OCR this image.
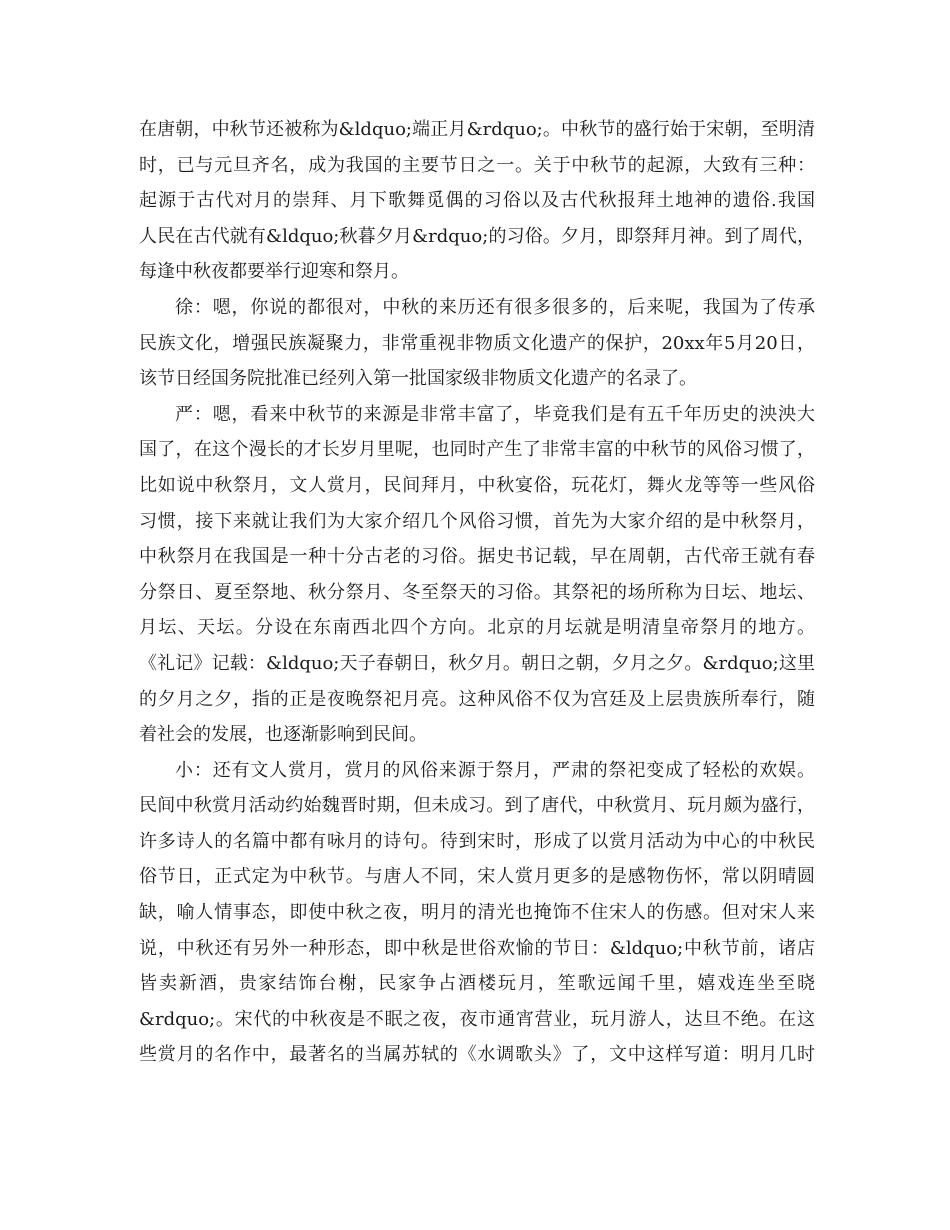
在唐朝，中秋节还被称为&ldquo;端正月&rdquo;。中秋节的盛行始于宋朝，至明清
时，已与元旦齐名，成为我国的主要节日之一。关于中秋节的起源，大致有三种：
起源于古代对月的崇拜、月下歌舞觅偶的习俗以及古代秋报拜土地神的遗俗.我国
人民在古代就有&ldquo;秋暮夕月&rdquo;的习俗。夕月，即祭拜月神。到了周代，
每逢中秋夜都要举行迎寒和祭月。
徐：嗯，你说的都很对，中秋的来历还有很多很多的，后来呢，我国为了传承
民族文化，增强民族凝聚力，非常重视非物质文化遗产的保护，20xx年5月20日，
该节日经国务院批准已经列入第一批国家级非物质文化遗产的名录了。
严：嗯，看来中秋节的来源是非常丰富了，毕竟我们是有五千年历史的泱泱大
国了，在这个漫长的才长岁月里呢，也同时产生了非常丰富的中秋节的风俗习惯了，
比如说中秋祭月，文人赏月，民间拜月，中秋宴俗，玩花灯，舞火龙等等一些风俗
习惯，接下来就让我们为大家介绍几个风俗习惯，首先为大家介绍的是中秋祭月，
中秋祭月在我国是一种十分古老的习俗。据史书记载，早在周朝，古代帝王就有春
分祭日、夏至祭地、秋分祭月、冬至祭天的习俗。其祭祀的场所称为日坛、地坛、
月坛、天坛。分设在东南西北四个方向。北京的月坛就是明清皇帝祭月的地方。
《礼记》记载：&ldquo;天子春朝日，秋夕月。朝日之朝，夕月之夕。&rdquo;这里
的夕月之夕，指的正是夜晚祭祀月亮。这种风俗不仅为宫廷及上层贵族所奉行，随
着社会的发展，也逐渐影响到民间。
小：还有文人赏月，赏月的风俗来源于祭月，严肃的祭祀变成了轻松的欢娱。
民间中秋赏月活动约始魏晋时期，但未成习。到了唐代，中秋赏月、玩月颇为盛行，
许多诗人的名篇中都有咏月的诗句。待到宋时，形成了以赏月活动为中心的中秋民
俗节日，正式定为中秋节。与唐人不同，宋人赏月更多的是感物伤怀，常以阴晴圆
缺，喻人情事态，即使中秋之夜，明月的清光也掩饰不住宋人的伤感。但对宋人来
说，中秋还有另外一种形态，即中秋是世俗欢愉的节日：&ldquo;中秋节前，诸店
皆卖新酒，贵家结饰台榭，民家争占酒楼玩月，笙歌远闻千里，嬉戏连坐至晓
&rdquo;。宋代的中秋夜是不眠之夜，夜市通宵营业，玩月游人，达旦不绝。在这
些赏月的名作中，最著名的当属苏轼的《水调歌头》了，文中这样写道：明月几时
